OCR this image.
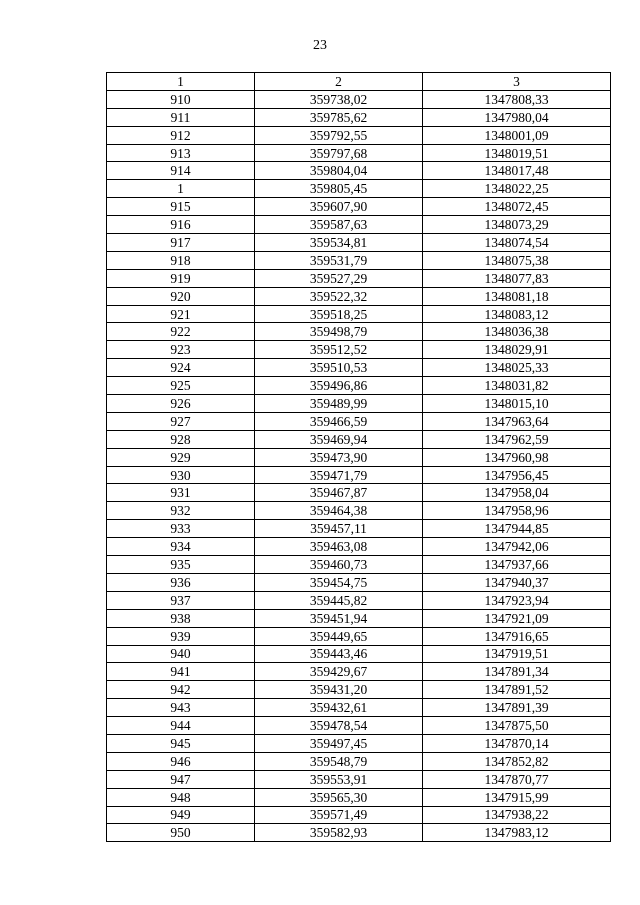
23
1	2	3
910	359738,02	1347808,33
911	359785,62	1347980,04
912	359792,55	1348001,09
913	359797,68	1348019,51
914	359804,04	1348017,48
1	359805,45	1348022,25
915	359607,90	1348072,45
916	359587,63	1348073,29
917	359534,81	1348074,54
918	359531,79	1348075,38
919	359527,29	1348077,83
920	359522,32	1348081,18
921	359518,25	1348083,12
922	359498,79	1348036,38
923	359512,52	1348029,91
924	359510,53	1348025,33
925	359496,86	1348031,82
926	359489,99	1348015,10
927	359466,59	1347963,64
928	359469,94	1347962,59
929	359473,90	1347960,98
930	359471,79	1347956,45
931	359467,87	1347958,04
932	359464,38	1347958,96
933	359457,11	1347944,85
934	359463,08	1347942,06
935	359460,73	1347937,66
936	359454,75	1347940,37
937	359445,82	1347923,94
938	359451,94	1347921,09
939	359449,65	1347916,65
940	359443,46	1347919,51
941	359429,67	1347891,34
942	359431,20	1347891,52
943	359432,61	1347891,39
944	359478,54	1347875,50
945	359497,45	1347870,14
946	359548,79	1347852,82
947	359553,91	1347870,77
948	359565,30	1347915,99
949	359571,49	1347938,22
950	359582,93	1347983,12
